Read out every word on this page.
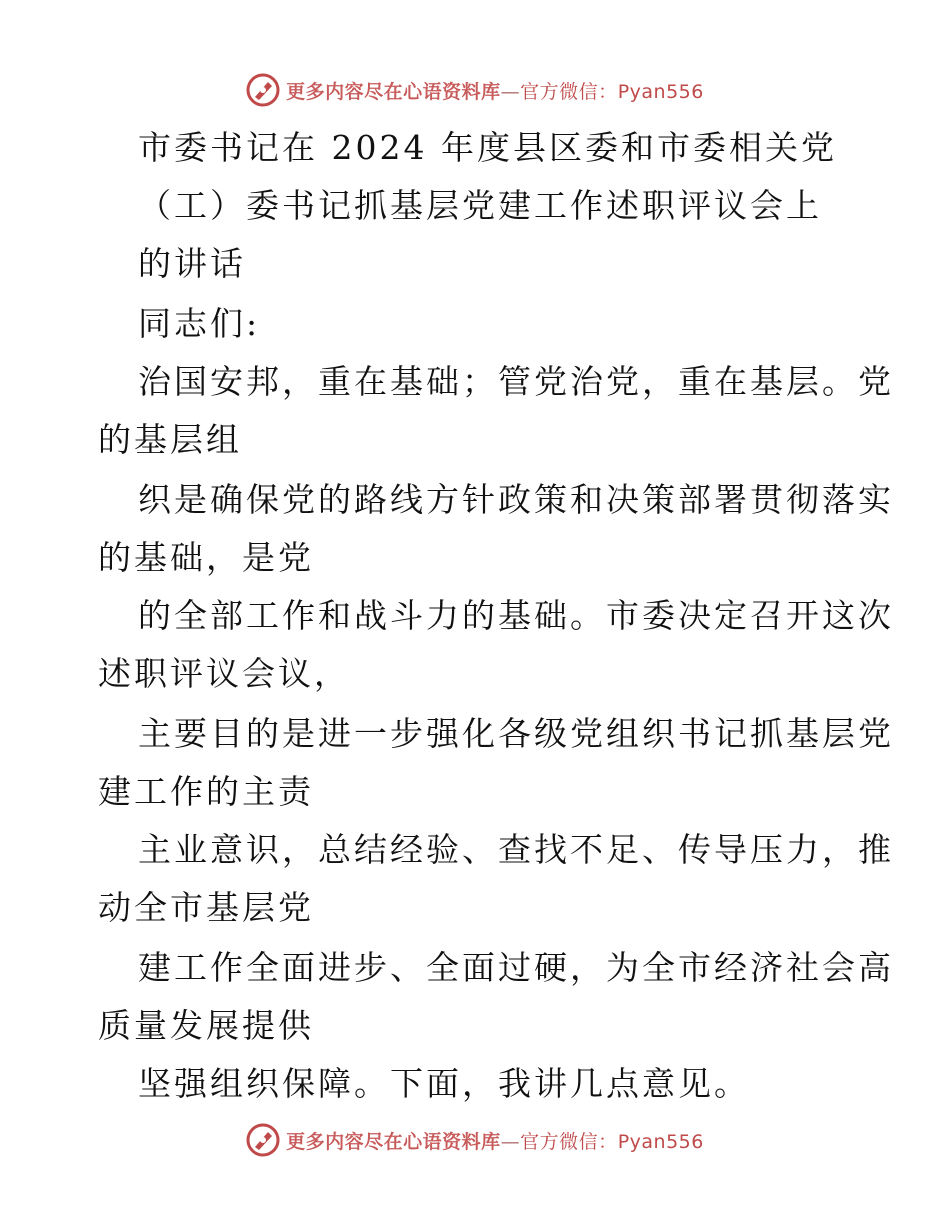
更多内容尽在心语资料库—官方微信：Pyan556
市委书记在 2024 年度县区委和市委相关党
（工）委书记抓基层党建工作述职评议会上
的讲话
同志们:
治国安邦，重在基础；管党治党，重在基层。党
的基层组
织是确保党的路线方针政策和决策部署贯彻落实
的基础，是党
的全部工作和战斗力的基础。市委决定召开这次
述职评议会议，
主要目的是进一步强化各级党组织书记抓基层党
建工作的主责
主业意识，总结经验、查找不足、传导压力，推
动全市基层党
建工作全面进步、全面过硬，为全市经济社会高
质量发展提供
坚强组织保障。下面，我讲几点意见。
更多内容尽在心语资料库—官方微信：Pyan556
